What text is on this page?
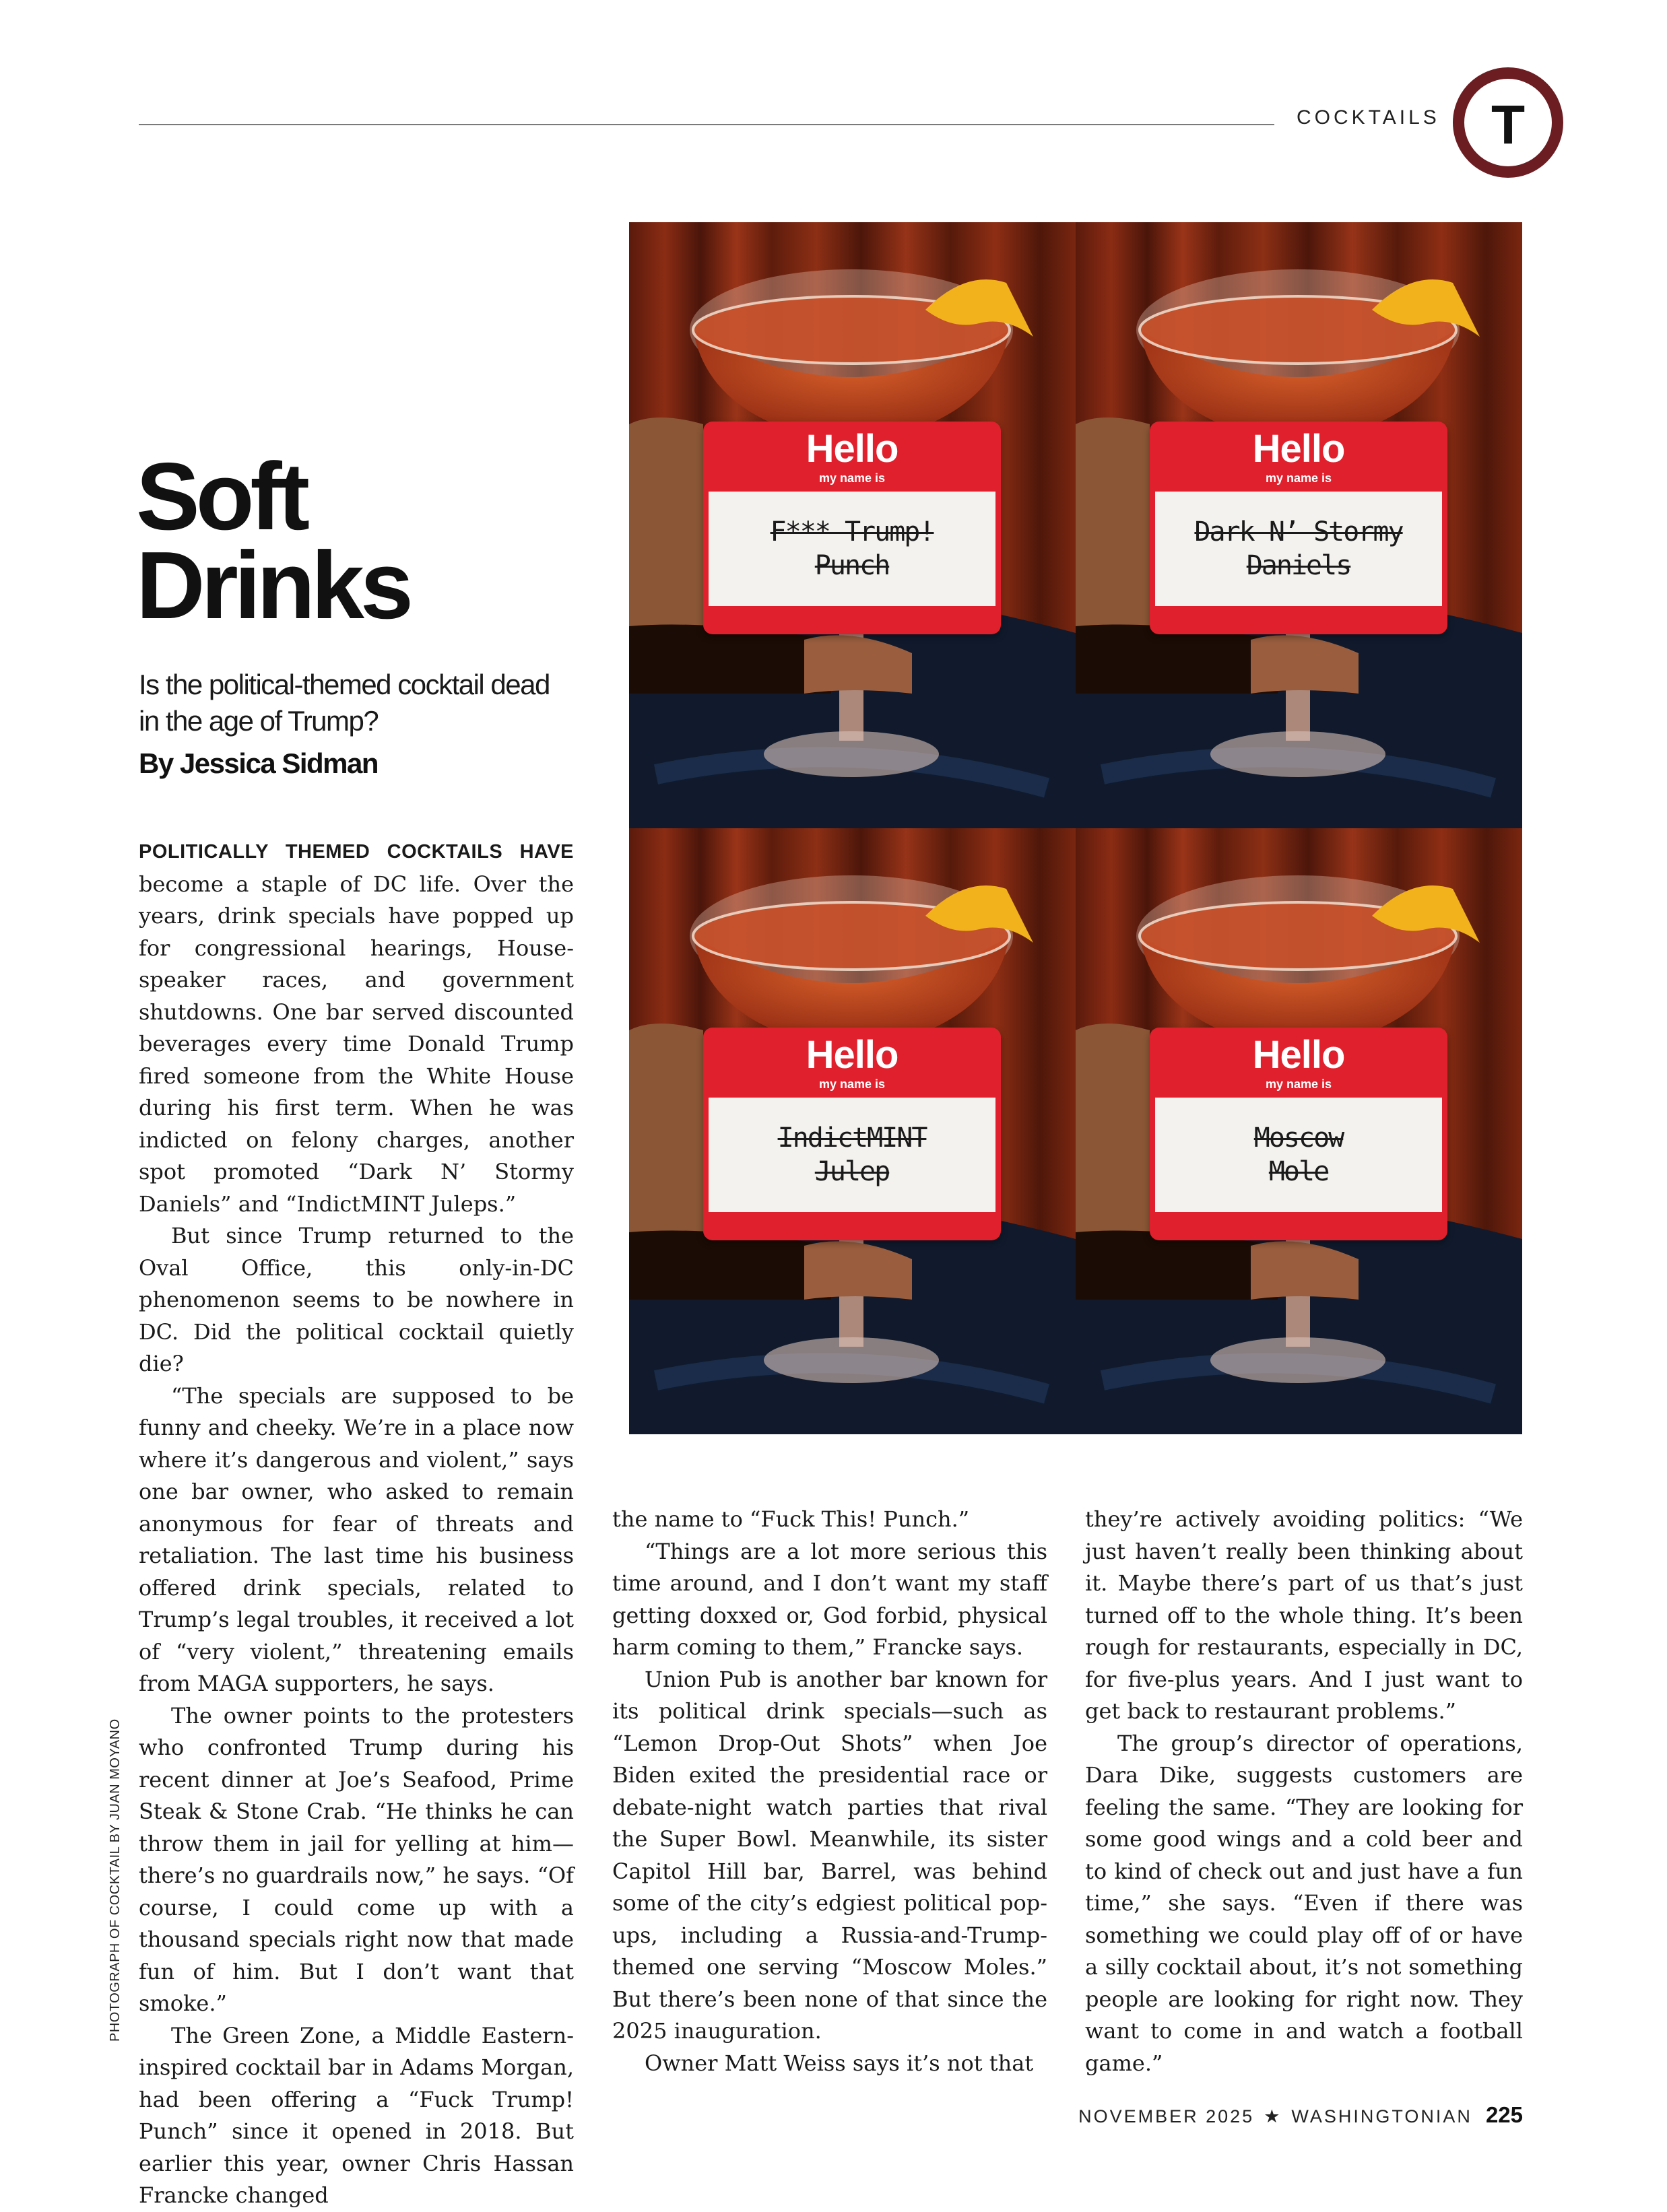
COCKTAILS T
Soft
Drinks
Is the political-themed cocktail dead in the age of Trump?
By Jessica Sidman

POLITICALLY THEMED COCKTAILS HAVE become a staple of DC life. Over the years, drink specials have popped up for congressional hearings, House-speaker races, and government shutdowns. One bar served discounted beverages every time Donald Trump fired someone from the White House during his first term. When he was indicted on felony charges, another spot promoted “Dark N’ Stormy Daniels” and “IndictMINT Juleps.”

But since Trump returned to the Oval Office, this only-in-DC phenomenon seems to be nowhere in DC. Did the political cocktail quietly die?

“The specials are supposed to be funny and cheeky. We’re in a place now where it’s dangerous and violent,” says one bar owner, who asked to remain anonymous for fear of threats and retaliation. The last time his business offered drink specials, related to Trump’s legal troubles, it received a lot of “very violent,” threatening emails from MAGA supporters, he says.

The owner points to the protesters who confronted Trump during his recent dinner at Joe’s Seafood, Prime Steak & Stone Crab. “He thinks he can throw them in jail for yelling at him—there’s no guardrails now,” he says. “Of course, I could come up with a thousand specials right now that made fun of him. But I don’t want that smoke.”

The Green Zone, a Middle Eastern-inspired cocktail bar in Adams Morgan, had been offering a “Fuck Trump! Punch” since it opened in 2018. But earlier this year, owner Chris Hassan Francke changed

the name to “Fuck This! Punch.”

“Things are a lot more serious this time around, and I don’t want my staff getting doxxed or, God forbid, physical harm coming to them,” Francke says.

Union Pub is another bar known for its political drink specials—such as “Lemon Drop-Out Shots” when Joe Biden exited the presidential race or debate-night watch parties that rival the Super Bowl. Meanwhile, its sister Capitol Hill bar, Barrel, was behind some of the city’s edgiest political pop-ups, including a Russia-and-Trump-themed one serving “Moscow Moles.” But there’s been none of that since the 2025 inauguration.

Owner Matt Weiss says it’s not that

they’re actively avoiding politics: “We just haven’t really been thinking about it. Maybe there’s part of us that’s just turned off to the whole thing. It’s been rough for restaurants, especially in DC, for five-plus years. And I just want to get back to restaurant problems.”

The group’s director of operations, Dara Dike, suggests customers are feeling the same. “They are looking for some good wings and a cold beer and to kind of check out and just have a fun time,” she says. “Even if there was something we could play off of or have a silly cocktail about, it’s not something people are looking for right now. They want to come in and watch a football game.”

Hello
my name is
F*** Trump!
Punch
Hello
my name is
Dark N’ Stormy
Daniels
Hello
my name is
IndictMINT
Julep
Hello
my name is
Moscow
Mole
PHOTOGRAPH OF COCKTAIL BY JUAN MOYANO
NOVEMBER 2025 ★ WASHINGTONIAN 225
